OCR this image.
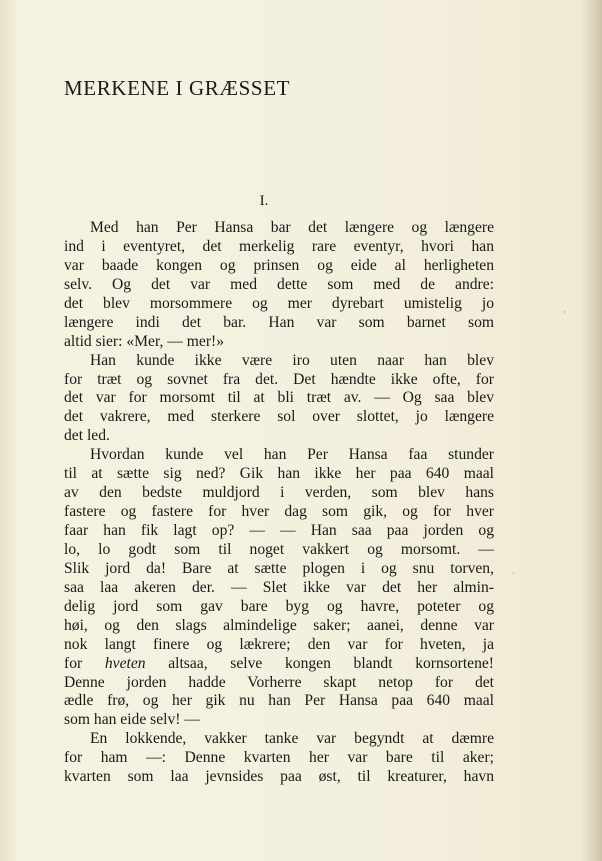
MERKENE I GRÆSSET
I.
Med han Per Hansa bar det længere og længere
ind i eventyret, det merkelig rare eventyr, hvori han
var baade kongen og prinsen og eide al herligheten
selv. Og det var med dette som med de andre:
det blev morsommere og mer dyrebart umistelig jo
længere indi det bar. Han var som barnet som
altid sier: «Mer, — mer!»
Han kunde ikke være iro uten naar han blev
for træt og sovnet fra det. Det hændte ikke ofte, for
det var for morsomt til at bli træt av. — Og saa blev
det vakrere, med sterkere sol over slottet, jo længere
det led.
Hvordan kunde vel han Per Hansa faa stunder
til at sætte sig ned? Gik han ikke her paa 640 maal
av den bedste muldjord i verden, som blev hans
fastere og fastere for hver dag som gik, og for hver
faar han fik lagt op? — — Han saa paa jorden og
lo, lo godt som til noget vakkert og morsomt. —
Slik jord da! Bare at sætte plogen i og snu torven,
saa laa akeren der. — Slet ikke var det her almin-
delig jord som gav bare byg og havre, poteter og
høi, og den slags almindelige saker; aanei, denne var
nok langt finere og lækrere; den var for hveten, ja
for hveten altsaa, selve kongen blandt kornsortene!
Denne jorden hadde Vorherre skapt netop for det
ædle frø, og her gik nu han Per Hansa paa 640 maal
som han eide selv! —
En lokkende, vakker tanke var begyndt at dæmre
for ham —: Denne kvarten her var bare til aker;
kvarten som laa jevnsides paa øst, til kreaturer, havn
'
.
